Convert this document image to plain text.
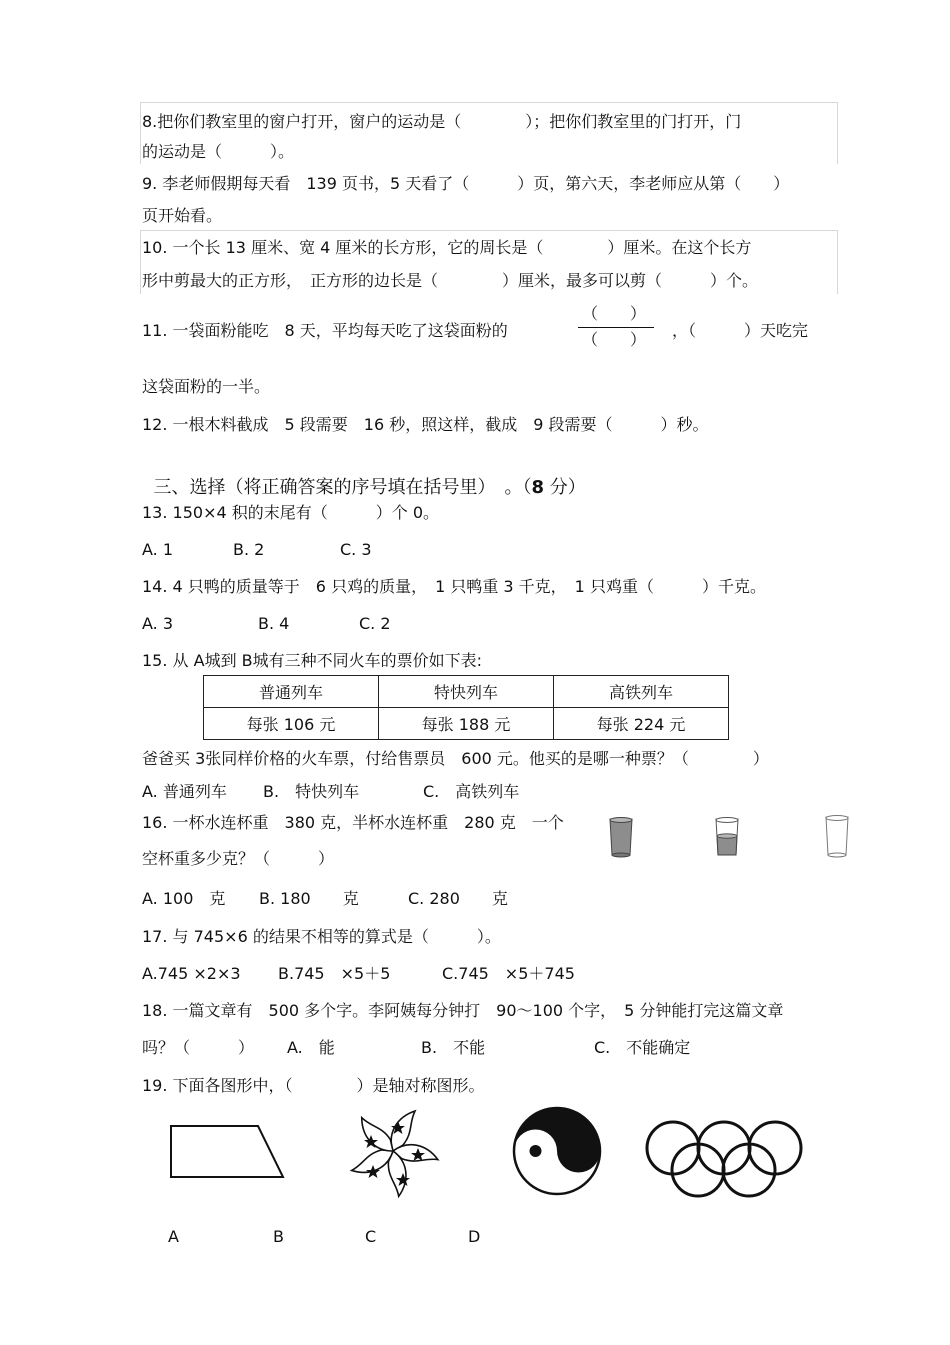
8.把你们教室里的窗户打开，窗户的运动是（　　　　）；把你们教室里的门打开，门
的运动是（　　　）。
9. 李老师假期每天看　139 页书，5 天看了（　　　）页，第六天，李老师应从第（　　）
页开始看。
10. 一个长 13 厘米、宽 4 厘米的长方形，它的周长是（　　　　）厘米。在这个长方
形中剪最大的正方形，　正方形的边长是（　　　　）厘米，最多可以剪（　　　）个。
11. 一袋面粉能吃　8 天，平均每天吃了这袋面粉的
（　　）
（　　）	，（　　　）天吃完
这袋面粉的一半。
12. 一根木料截成　5 段需要　16 秒，照这样，截成　9 段需要（　　　）秒。

三、选择（将正确答案的序号填在括号里）　。（8 分）

13. 150×4 积的末尾有（　　　）个 0。
A. 1	B. 2	C. 3
14. 4 只鸭的质量等于　6 只鸡的质量，　1 只鸭重 3 千克，　1 只鸡重（　　　）千克。
A. 3	B. 4	C. 2
15. 从 A城到 B城有三种不同火车的票价如下表:
普通列车	特快列车	高铁列车
每张 106 元	每张 188 元	每张 224 元
爸爸买 3张同样价格的火车票，付给售票员　600 元。他买的是哪一种票？（　　　　）
A. 普通列车 B.　特快列车	C.　高铁列车
16. 一杯水连杯重　380 克，半杯水连杯重　280 克　一个
空杯重多少克？（　　　）
A. 100　克 B. 180　　克	C. 280　　克
17. 与 745×6 的结果不相等的算式是（　　　）。
A.745 ×2×3 B.745　×5＋5	C.745　×5＋745
18. 一篇文章有　500 多个字。李阿姨每分钟打　90～100 个字，　5 分钟能打完这篇文章
吗？（　　　） A.　能	B.　不能	C.　不能确定
19. 下面各图形中，（　　　　）是轴对称图形。
A	B	C	D
